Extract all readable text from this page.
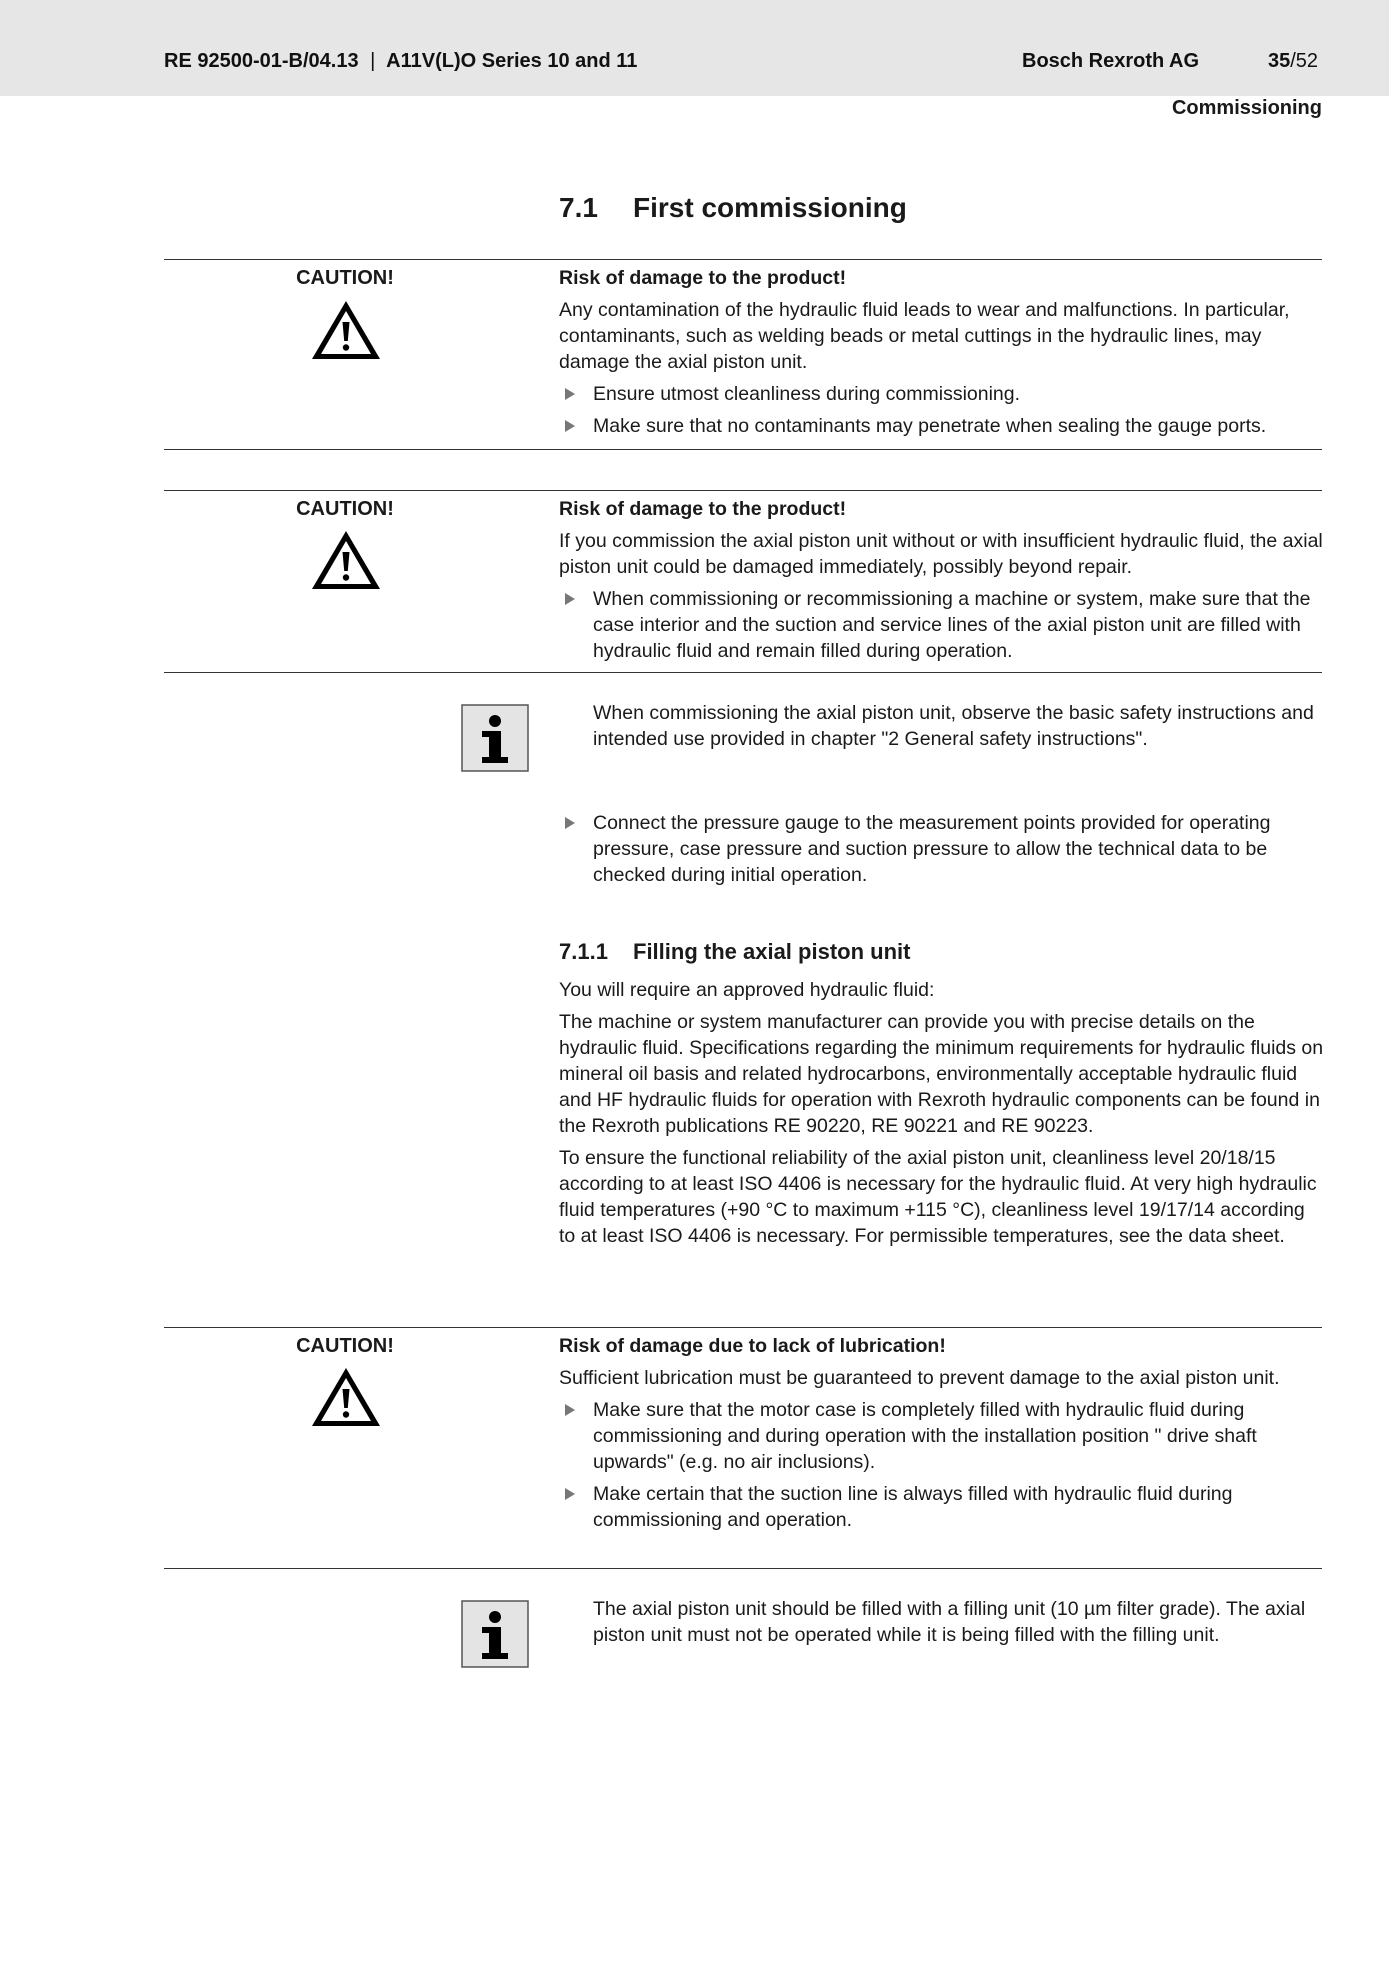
RE 92500-01-B/04.13 | A11V(L)O Series 10 and 11	Bosch Rexroth AG	35/52
Commissioning
7.1 First commissioning
CAUTION!	Risk of damage to the product!

Any contamination of the hydraulic fluid leads to wear and malfunctions. In particular, contaminants, such as welding beads or metal cuttings in the hydraulic lines, may damage the axial piston unit.

Ensure utmost cleanliness during commissioning.
Make sure that no contaminants may penetrate when sealing the gauge ports.
CAUTION!	Risk of damage to the product!

If you commission the axial piston unit without or with insufficient hydraulic fluid, the axial piston unit could be damaged immediately, possibly beyond repair.

When commissioning or recommissioning a machine or system, make sure that the case interior and the suction and service lines of the axial piston unit are filled with hydraulic fluid and remain filled during operation.
When commissioning the axial piston unit, observe the basic safety instructions and intended use provided in chapter "2 General safety instructions".
Connect the pressure gauge to the measurement points provided for operating pressure, case pressure and suction pressure to allow the technical data to be checked during initial operation.
7.1.1 Filling the axial piston unit

You will require an approved hydraulic fluid:

The machine or system manufacturer can provide you with precise details on the hydraulic fluid. Specifications regarding the minimum requirements for hydraulic fluids on mineral oil basis and related hydrocarbons, environmentally acceptable hydraulic fluid and HF hydraulic fluids for operation with Rexroth hydraulic components can be found in the Rexroth publications RE 90220, RE 90221 and RE 90223.

To ensure the functional reliability of the axial piston unit, cleanliness level 20/18/15 according to at least ISO 4406 is necessary for the hydraulic fluid. At very high hydraulic fluid temperatures (+90 °C to maximum +115 °C), cleanliness level 19/17/14 according to at least ISO 4406 is necessary. For permissible temperatures, see the data sheet.

CAUTION!	Risk of damage due to lack of lubrication!

Sufficient lubrication must be guaranteed to prevent damage to the axial piston unit.

Make sure that the motor case is completely filled with hydraulic fluid during commissioning and during operation with the installation position " drive shaft upwards" (e.g. no air inclusions).
Make certain that the suction line is always filled with hydraulic fluid during commissioning and operation.
The axial piston unit should be filled with a filling unit (10 µm filter grade). The axial piston unit must not be operated while it is being filled with the filling unit.
